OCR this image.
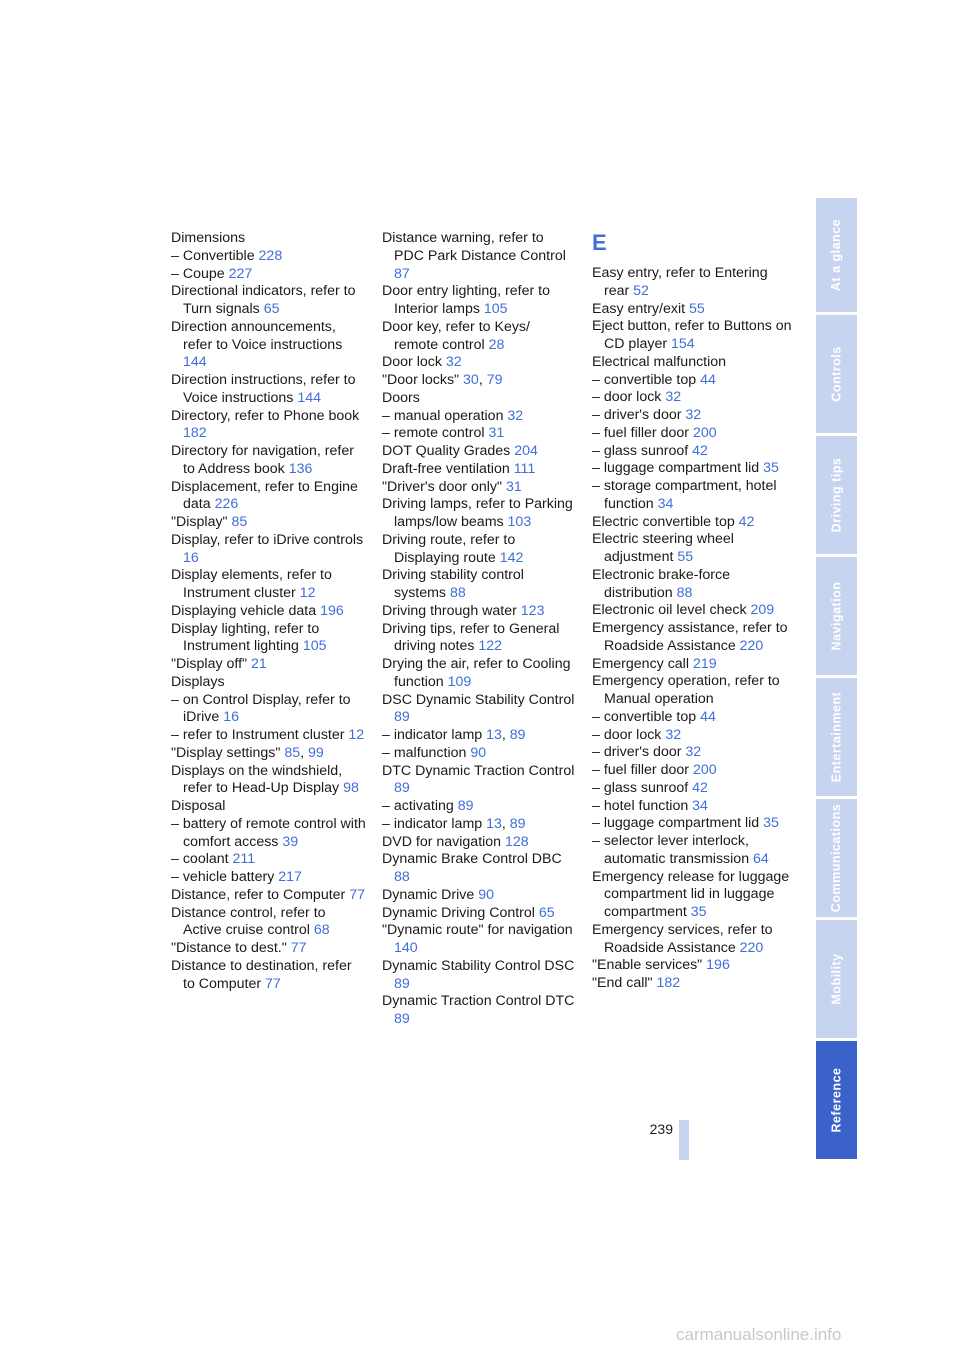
Dimensions
– Convertible 228
– Coupe 227
Directional indicators, refer to Turn signals 65
Direction announcements, refer to Voice instructions 144
Direction instructions, refer to Voice instructions 144
Directory, refer to Phone book 182
Directory for navigation, refer to Address book 136
Displacement, refer to Engine data 226
"Display" 85
Display, refer to iDrive controls 16
Display elements, refer to Instrument cluster 12
Displaying vehicle data 196
Display lighting, refer to Instrument lighting 105
"Display off" 21
Displays
– on Control Display, refer to iDrive 16
– refer to Instrument cluster 12
"Display settings" 85, 99
Displays on the windshield, refer to Head-Up Display 98
Disposal
– battery of remote control with comfort access 39
– coolant 211
– vehicle battery 217
Distance, refer to Computer 77
Distance control, refer to Active cruise control 68
"Distance to dest." 77
Distance to destination, refer to Computer 77
Distance warning, refer to PDC Park Distance Control 87
Door entry lighting, refer to Interior lamps 105
Door key, refer to Keys/ remote control 28
Door lock 32
"Door locks" 30, 79
Doors
– manual operation 32
– remote control 31
DOT Quality Grades 204
Draft-free ventilation 111
"Driver's door only" 31
Driving lamps, refer to Parking lamps/low beams 103
Driving route, refer to Displaying route 142
Driving stability control systems 88
Driving through water 123
Driving tips, refer to General driving notes 122
Drying the air, refer to Cooling function 109
DSC Dynamic Stability Control 89
– indicator lamp 13, 89
– malfunction 90
DTC Dynamic Traction Control 89
– activating 89
– indicator lamp 13, 89
DVD for navigation 128
Dynamic Brake Control DBC 88
Dynamic Drive 90
Dynamic Driving Control 65
"Dynamic route" for navigation 140
Dynamic Stability Control DSC 89
Dynamic Traction Control DTC 89
E
Easy entry, refer to Entering rear 52
Easy entry/exit 55
Eject button, refer to Buttons on CD player 154
Electrical malfunction
– convertible top 44
– door lock 32
– driver's door 32
– fuel filler door 200
– glass sunroof 42
– luggage compartment lid 35
– storage compartment, hotel function 34
Electric convertible top 42
Electric steering wheel adjustment 55
Electronic brake-force distribution 88
Electronic oil level check 209
Emergency assistance, refer to Roadside Assistance 220
Emergency call 219
Emergency operation, refer to Manual operation
– convertible top 44
– door lock 32
– driver's door 32
– fuel filler door 200
– glass sunroof 42
– hotel function 34
– luggage compartment lid 35
– selector lever interlock, automatic transmission 64
Emergency release for luggage compartment lid in luggage compartment 35
Emergency services, refer to Roadside Assistance 220
"Enable services" 196
"End call" 182
At a glance
Controls
Driving tips
Navigation
Entertainment
Communications
Mobility
Reference
239
carmanualsonline.info
